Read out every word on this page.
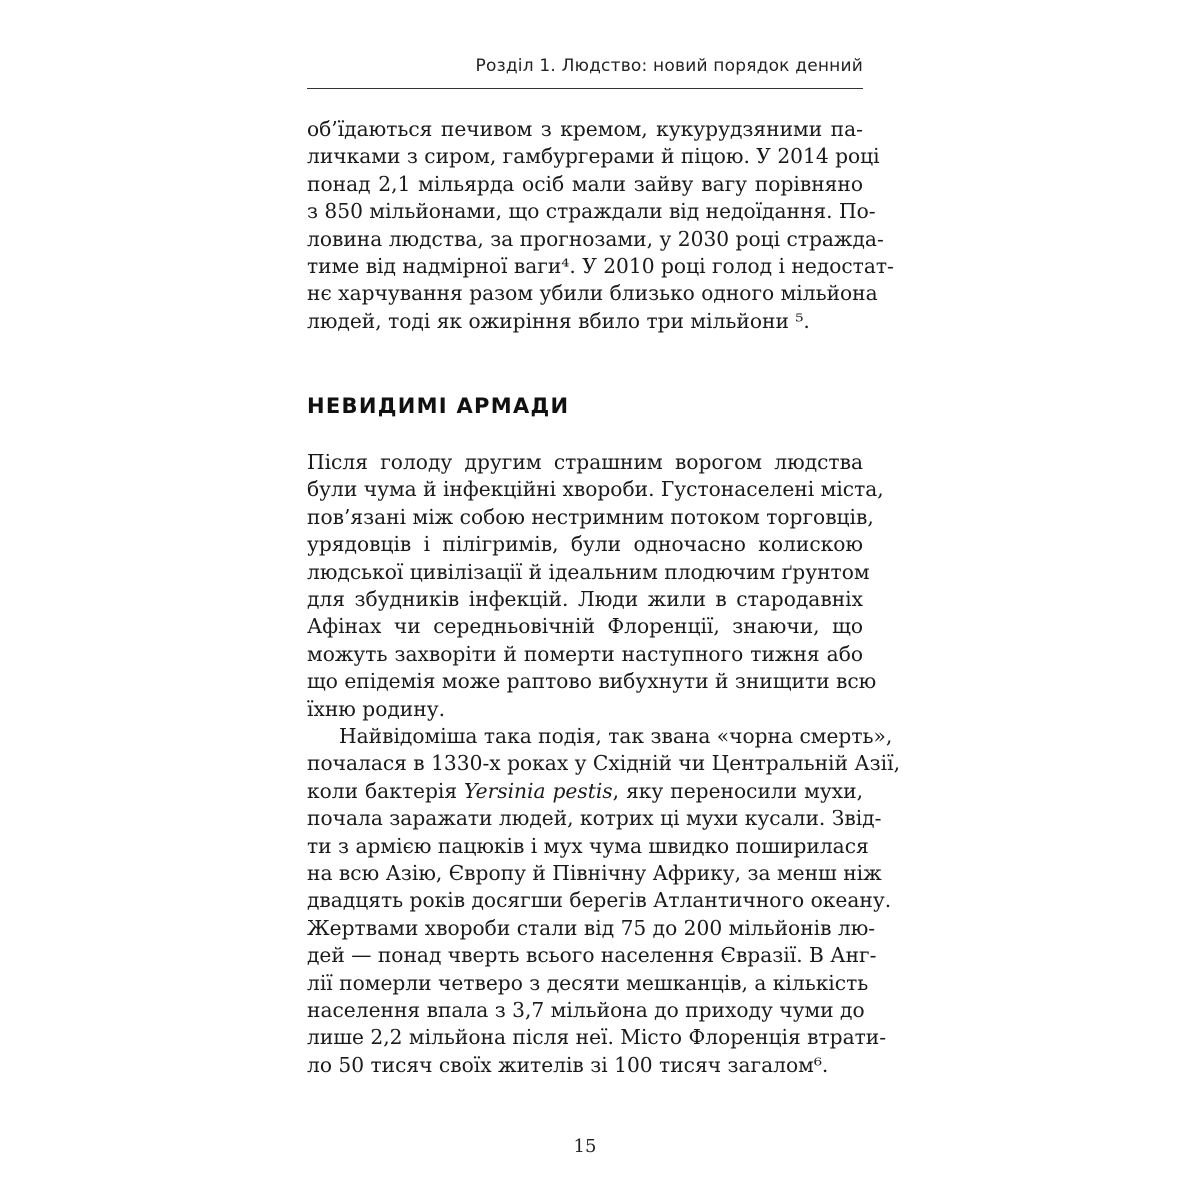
Розділ 1. Людство: новий порядок денний
об’їдаються печивом з кремом, кукурудзяними па-
личками з сиром, гамбургерами й піцою. У 2014 році
понад 2,1 мільярда осіб мали зайву вагу порівняно
з 850 мільйонами, що страждали від недоїдання. По-
ловина людства, за прогнозами, у 2030 році стражда-
тиме від надмірної ваги⁴. У 2010 році голод і недостат-
нє харчування разом убили близько одного мільйона
людей, тоді як ожиріння вбило три мільйони ⁵.
НЕВИДИМІ АРМАДИ
Після голоду другим страшним ворогом людства
були чума й інфекційні хвороби. Густонаселені міста,
пов’язані між собою нестримним потоком торговців,
урядовців і пілігримів, були одночасно колискою
людської цивілізації й ідеальним плодючим ґрунтом
для збудників інфекцій. Люди жили в стародавніх
Афінах чи середньовічній Флоренції, знаючи, що
можуть захворіти й померти наступного тижня або
що епідемія може раптово вибухнути й знищити всю
їхню родину.
Найвідоміша така подія, так звана «чорна смерть»,
почалася в 1330-х роках у Східній чи Центральній Азії,
коли бактерія Yersinia pestis, яку переносили мухи,
почала заражати людей, котрих ці мухи кусали. Звід-
ти з армією пацюків і мух чума швидко поширилася
на всю Азію, Європу й Північну Африку, за менш ніж
двадцять років досягши берегів Атлантичного океану.
Жертвами хвороби стали від 75 до 200 мільйонів лю-
дей — понад чверть всього населення Євразії. В Анг-
лії померли четверо з десяти мешканців, а кількість
населення впала з 3,7 мільйона до приходу чуми до
лише 2,2 мільйона після неї. Місто Флоренція втрати-
ло 50 тисяч своїх жителів зі 100 тисяч загалом⁶.
15
